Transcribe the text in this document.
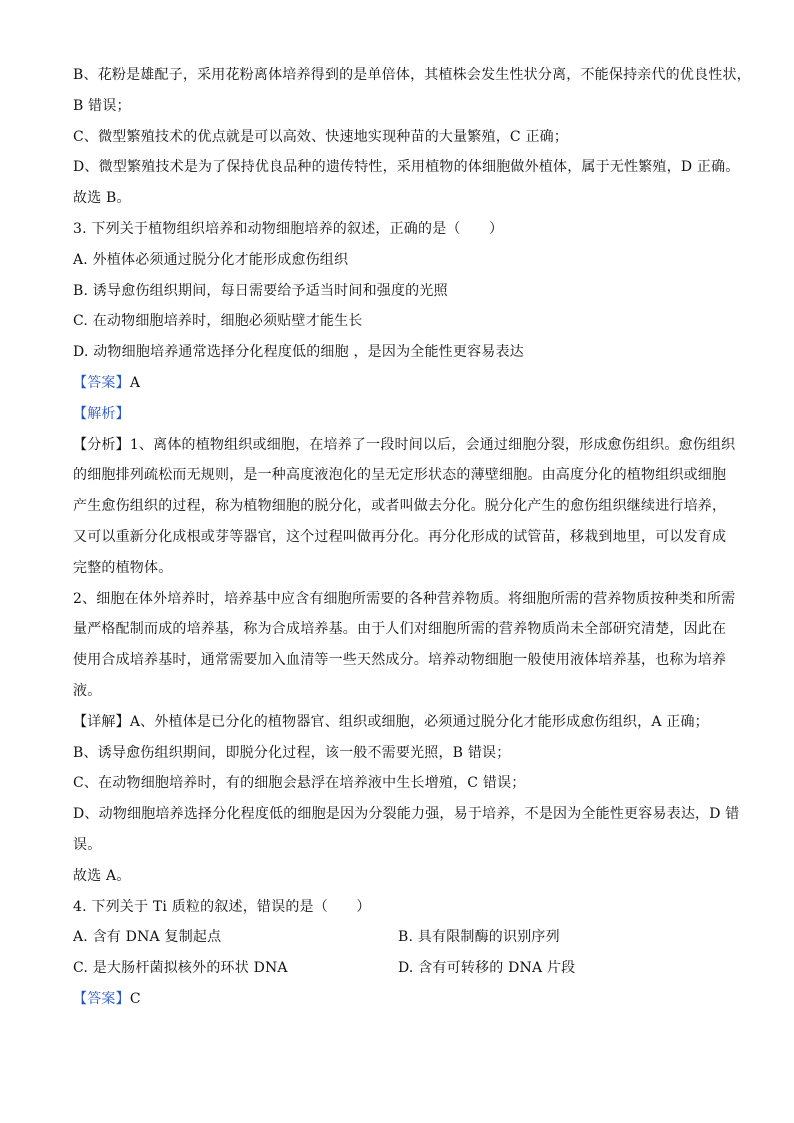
B、花粉是雄配子，采用花粉离体培养得到的是单倍体，其植株会发生性状分离，不能保持亲代的优良性状，
B 错误；
C、微型繁殖技术的优点就是可以高效、快速地实现种苗的大量繁殖，C 正确；
D、微型繁殖技术是为了保持优良品种的遗传特性，采用植物的体细胞做外植体，属于无性繁殖，D 正确。
故选 B。
3. 下列关于植物组织培养和动物细胞培养的叙述，正确的是（　　）
A. 外植体必须通过脱分化才能形成愈伤组织
B. 诱导愈伤组织期间，每日需要给予适当时间和强度的光照
C. 在动物细胞培养时，细胞必须贴壁才能生长
D. 动物细胞培养通常选择分化程度低的细胞 ，是因为全能性更容易表达
【答案】A
【解析】
【分析】1、离体的植物组织或细胞，在培养了一段时间以后，会通过细胞分裂，形成愈伤组织。愈伤组织
的细胞排列疏松而无规则，是一种高度液泡化的呈无定形状态的薄壁细胞。由高度分化的植物组织或细胞
产生愈伤组织的过程，称为植物细胞的脱分化，或者叫做去分化。脱分化产生的愈伤组织继续进行培养，
又可以重新分化成根或芽等器官，这个过程叫做再分化。再分化形成的试管苗，移栽到地里，可以发育成
完整的植物体。
2、细胞在体外培养时，培养基中应含有细胞所需要的各种营养物质。将细胞所需的营养物质按种类和所需
量严格配制而成的培养基，称为合成培养基。由于人们对细胞所需的营养物质尚未全部研究清楚，因此在
使用合成培养基时，通常需要加入血清等一些天然成分。培养动物细胞一般使用液体培养基，也称为培养
液。
【详解】A、外植体是已分化的植物器官、组织或细胞，必须通过脱分化才能形成愈伤组织，A 正确；
B、诱导愈伤组织期间，即脱分化过程，该一般不需要光照，B 错误；
C、在动物细胞培养时，有的细胞会悬浮在培养液中生长增殖，C 错误；
D、动物细胞培养选择分化程度低的细胞是因为分裂能力强，易于培养，不是因为全能性更容易表达，D 错
误。
故选 A。
4. 下列关于 Ti 质粒的叙述，错误的是（　　）
A. 含有 DNA 复制起点	B. 具有限制酶的识别序列
C. 是大肠杆菌拟核外的环状 DNA	D. 含有可转移的 DNA 片段
【答案】C
